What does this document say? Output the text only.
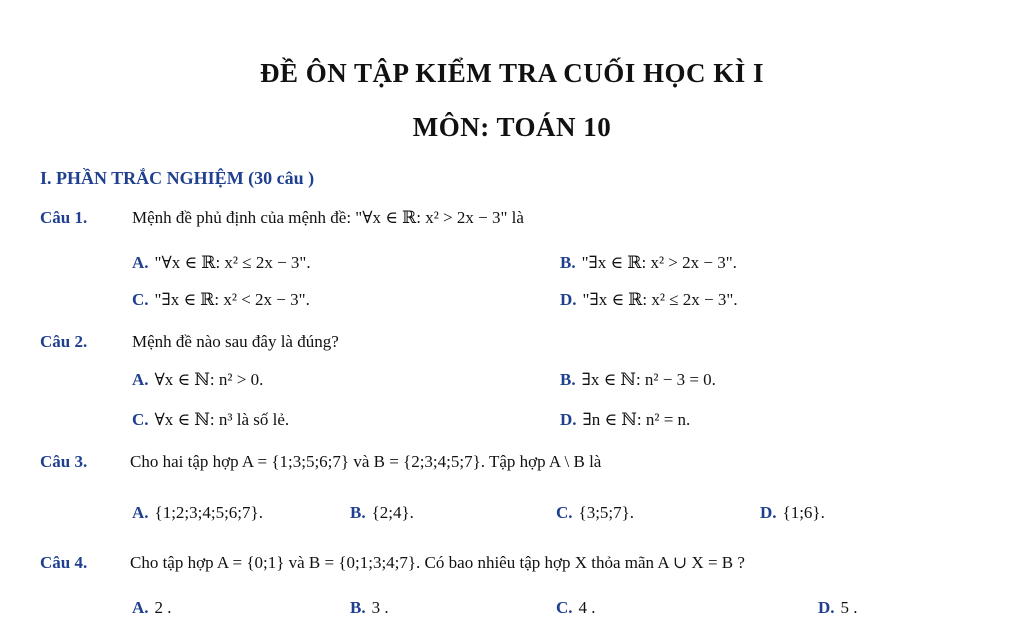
ĐỀ ÔN TẬP KIỂM TRA CUỐI HỌC KÌ I
MÔN: TOÁN 10
I. PHẦN TRẮC NGHIỆM (30 câu )
Câu 1.	Mệnh đề phủ định của mệnh đề: "∀x ∈ ℝ: x² > 2x − 3" là
A. "∀x ∈ ℝ: x² ≤ 2x − 3".	B. "∃x ∈ ℝ: x² > 2x − 3".
C. "∃x ∈ ℝ: x² < 2x − 3".	D. "∃x ∈ ℝ: x² ≤ 2x − 3".
Câu 2.	Mệnh đề nào sau đây là đúng?
A. ∀x ∈ ℕ: n² > 0.	B. ∃x ∈ ℕ: n² − 3 = 0.
C. ∀x ∈ ℕ: n³ là số lẻ.	D. ∃n ∈ ℕ: n² = n.
Câu 3.	Cho hai tập hợp A = {1;3;5;6;7} và B = {2;3;4;5;7}. Tập hợp A \ B là
A. {1;2;3;4;5;6;7}.	B. {2;4}.	C. {3;5;7}.	D. {1;6}.
Câu 4.	Cho tập hợp A = {0;1} và B = {0;1;3;4;7}. Có bao nhiêu tập hợp X thỏa mãn A ∪ X = B ?
A. 2 .	B. 3 .	C. 4 .	D. 5 .
